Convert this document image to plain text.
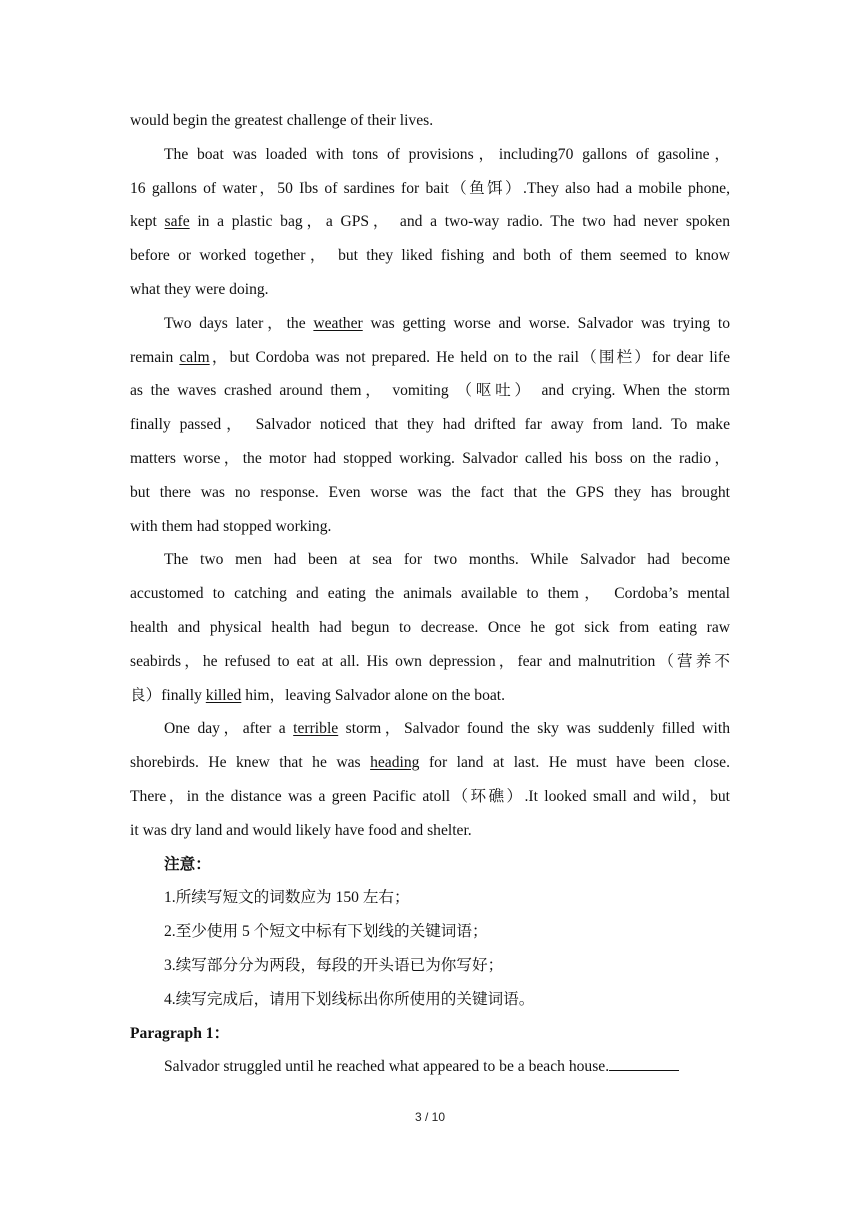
would begin the greatest challenge of their lives.
The boat was loaded with tons of provisions，including70 gallons of gasoline，
16 gallons of water，50 Ibs of sardines for bait（鱼饵）.They also had a mobile phone,
kept safe in a plastic bag，a GPS， and a two-way radio. The two had never spoken
before or worked together， but they liked fishing and both of them seemed to know
what they were doing.
Two days later，the weather was getting worse and worse. Salvador was trying to
remain calm，but Cordoba was not prepared. He held on to the rail（围栏）for dear life
as the waves crashed around them， vomiting （呕吐） and crying. When the storm
finally passed， Salvador noticed that they had drifted far away from land. To make
matters worse，the motor had stopped working. Salvador called his boss on the radio，
but there was no response. Even worse was the fact that the GPS they has brought
with them had stopped working.
The two men had been at sea for two months. While Salvador had become
accustomed to catching and eating the animals available to them， Cordoba’s mental
health and physical health had begun to decrease. Once he got sick from eating raw
seabirds，he refused to eat at all. His own depression，fear and malnutrition（营养不
良）finally killed him，leaving Salvador alone on the boat.
One day，after a terrible storm，Salvador found the sky was suddenly filled with
shorebirds. He knew that he was heading for land at last. He must have been close.
There，in the distance was a green Pacific atoll（环礁）.It looked small and wild，but
it was dry land and would likely have food and shelter.
注意：
1.所续写短文的词数应为 150 左右；
2.至少使用 5 个短文中标有下划线的关键词语；
3.续写部分分为两段，每段的开头语已为你写好；
4.续写完成后，请用下划线标出你所使用的关键词语。
Paragraph 1：
Salvador struggled until he reached what appeared to be a beach house.
3 / 10
